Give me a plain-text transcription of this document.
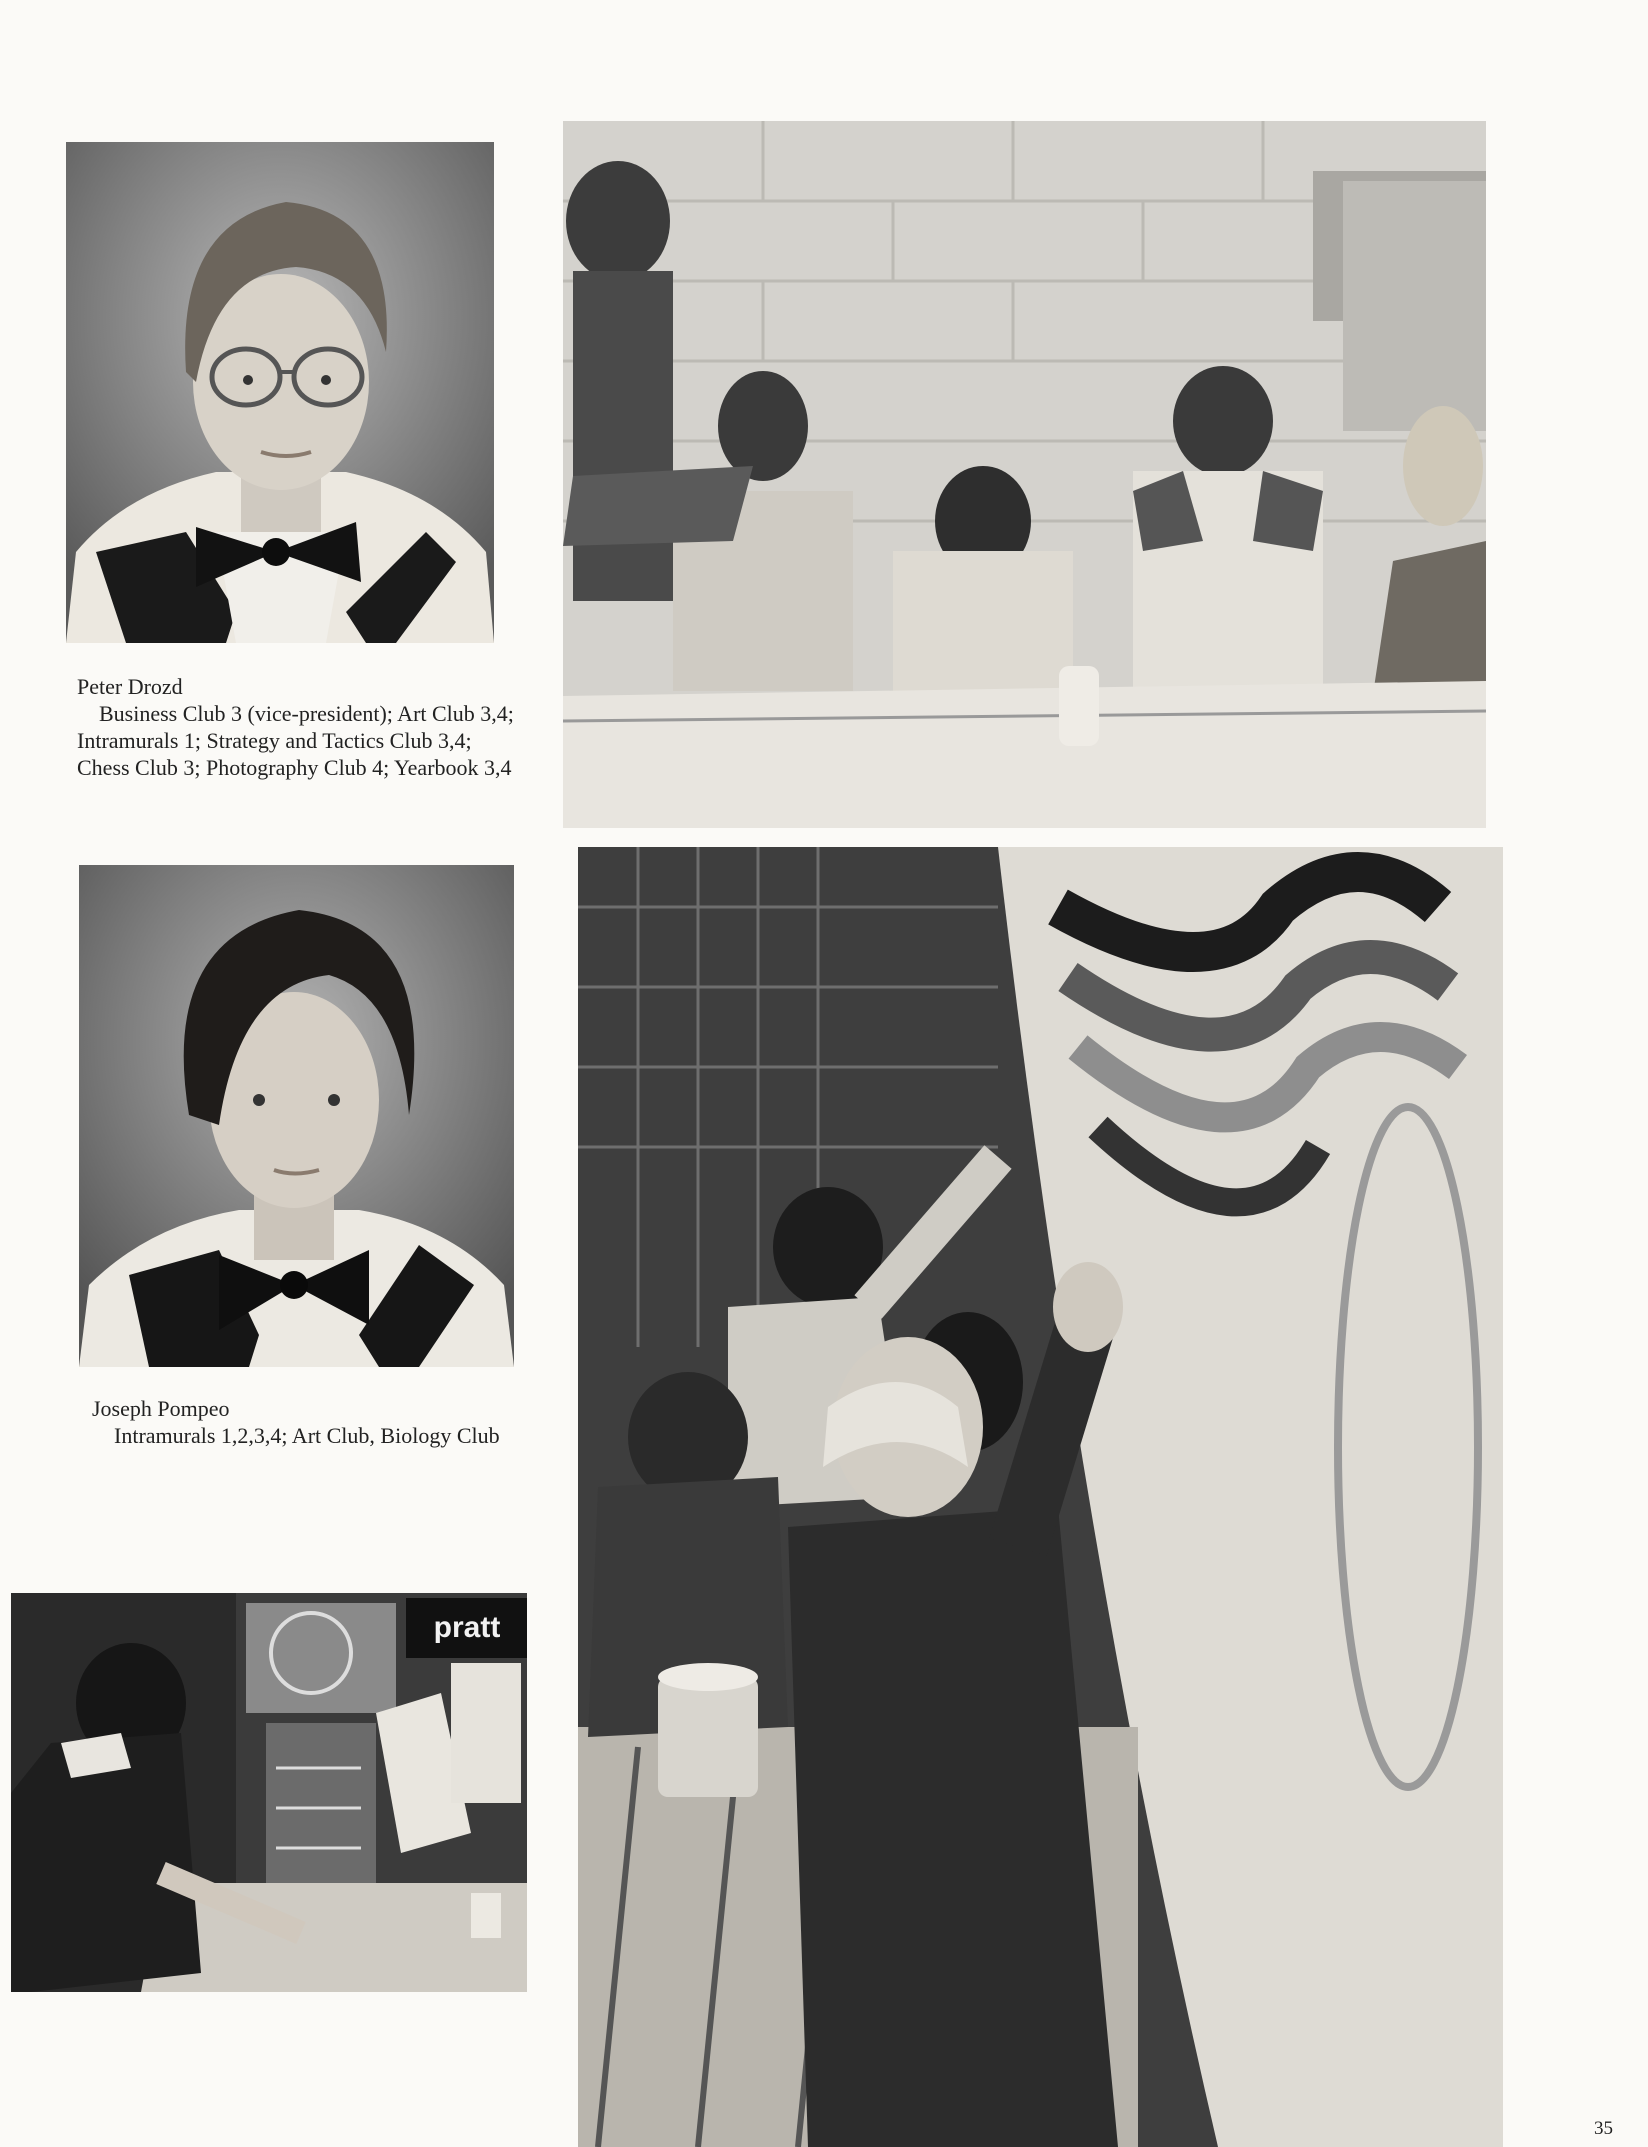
Peter Drozd
Business Club 3 (vice-president); Art Club 3,4; Intramurals 1; Strategy and Tactics Club 3,4; Chess Club 3; Photography Club 4; Yearbook 3,4
Joseph Pompeo
Intramurals 1,2,3,4; Art Club, Biology Club
pratt
35
